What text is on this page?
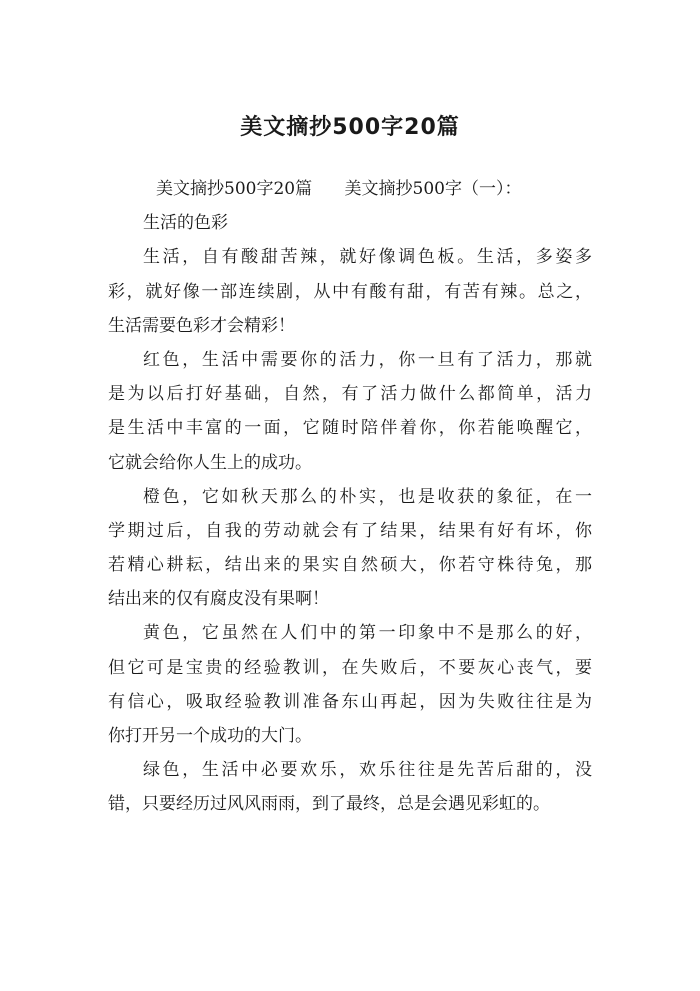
美文摘抄500字20篇
美文摘抄500字20篇      美文摘抄500字（一）：
生活的色彩
生活，自有酸甜苦辣，就好像调色板。生活，多姿多
彩，就好像一部连续剧，从中有酸有甜，有苦有辣。总之，
生活需要色彩才会精彩！
红色，生活中需要你的活力，你一旦有了活力，那就
是为以后打好基础，自然，有了活力做什么都简单，活力
是生活中丰富的一面，它随时陪伴着你，你若能唤醒它，
它就会给你人生上的成功。
橙色，它如秋天那么的朴实，也是收获的象征，在一
学期过后，自我的劳动就会有了结果，结果有好有坏，你
若精心耕耘，结出来的果实自然硕大，你若守株待兔，那
结出来的仅有腐皮没有果啊！
黄色，它虽然在人们中的第一印象中不是那么的好，
但它可是宝贵的经验教训，在失败后，不要灰心丧气，要
有信心，吸取经验教训准备东山再起，因为失败往往是为
你打开另一个成功的大门。
绿色，生活中必要欢乐，欢乐往往是先苦后甜的，没
错，只要经历过风风雨雨，到了最终，总是会遇见彩虹的。
